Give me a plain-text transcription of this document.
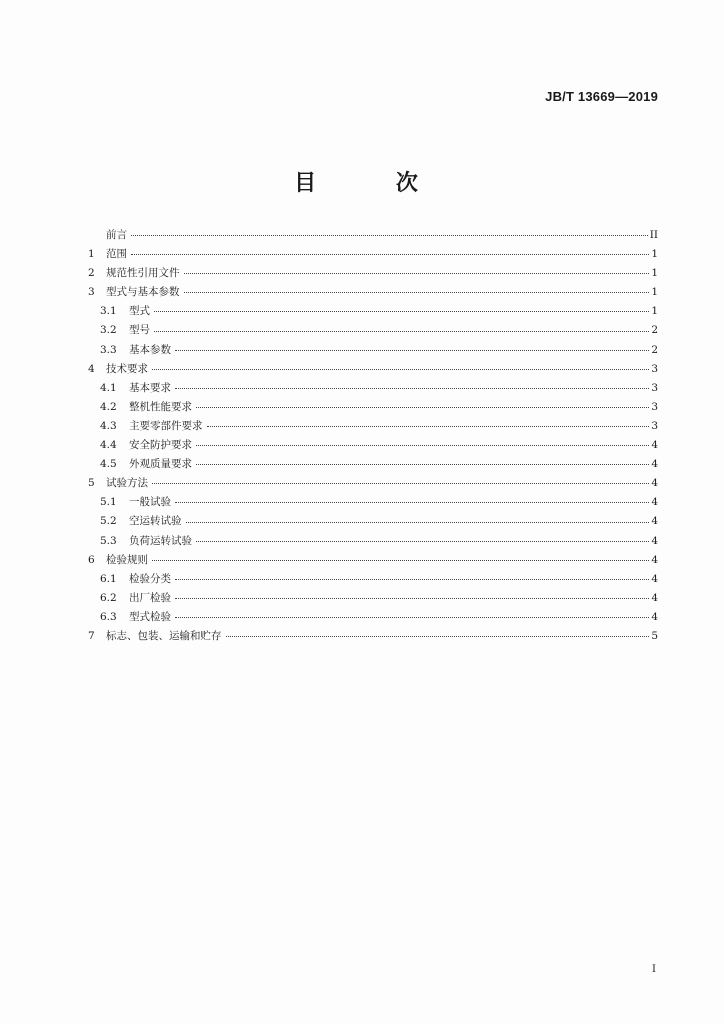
JB/T 13669—2019
目 次
前言	II
1	范围	1
2	规范性引用文件	1
3	型式与基本参数	1
3.1	型式	1
3.2	型号	2
3.3	基本参数	2
4	技术要求	3
4.1	基本要求	3
4.2	整机性能要求	3
4.3	主要零部件要求	3
4.4	安全防护要求	4
4.5	外观质量要求	4
5	试验方法	4
5.1	一般试验	4
5.2	空运转试验	4
5.3	负荷运转试验	4
6	检验规则	4
6.1	检验分类	4
6.2	出厂检验	4
6.3	型式检验	4
7	标志、包装、运输和贮存	5
I
